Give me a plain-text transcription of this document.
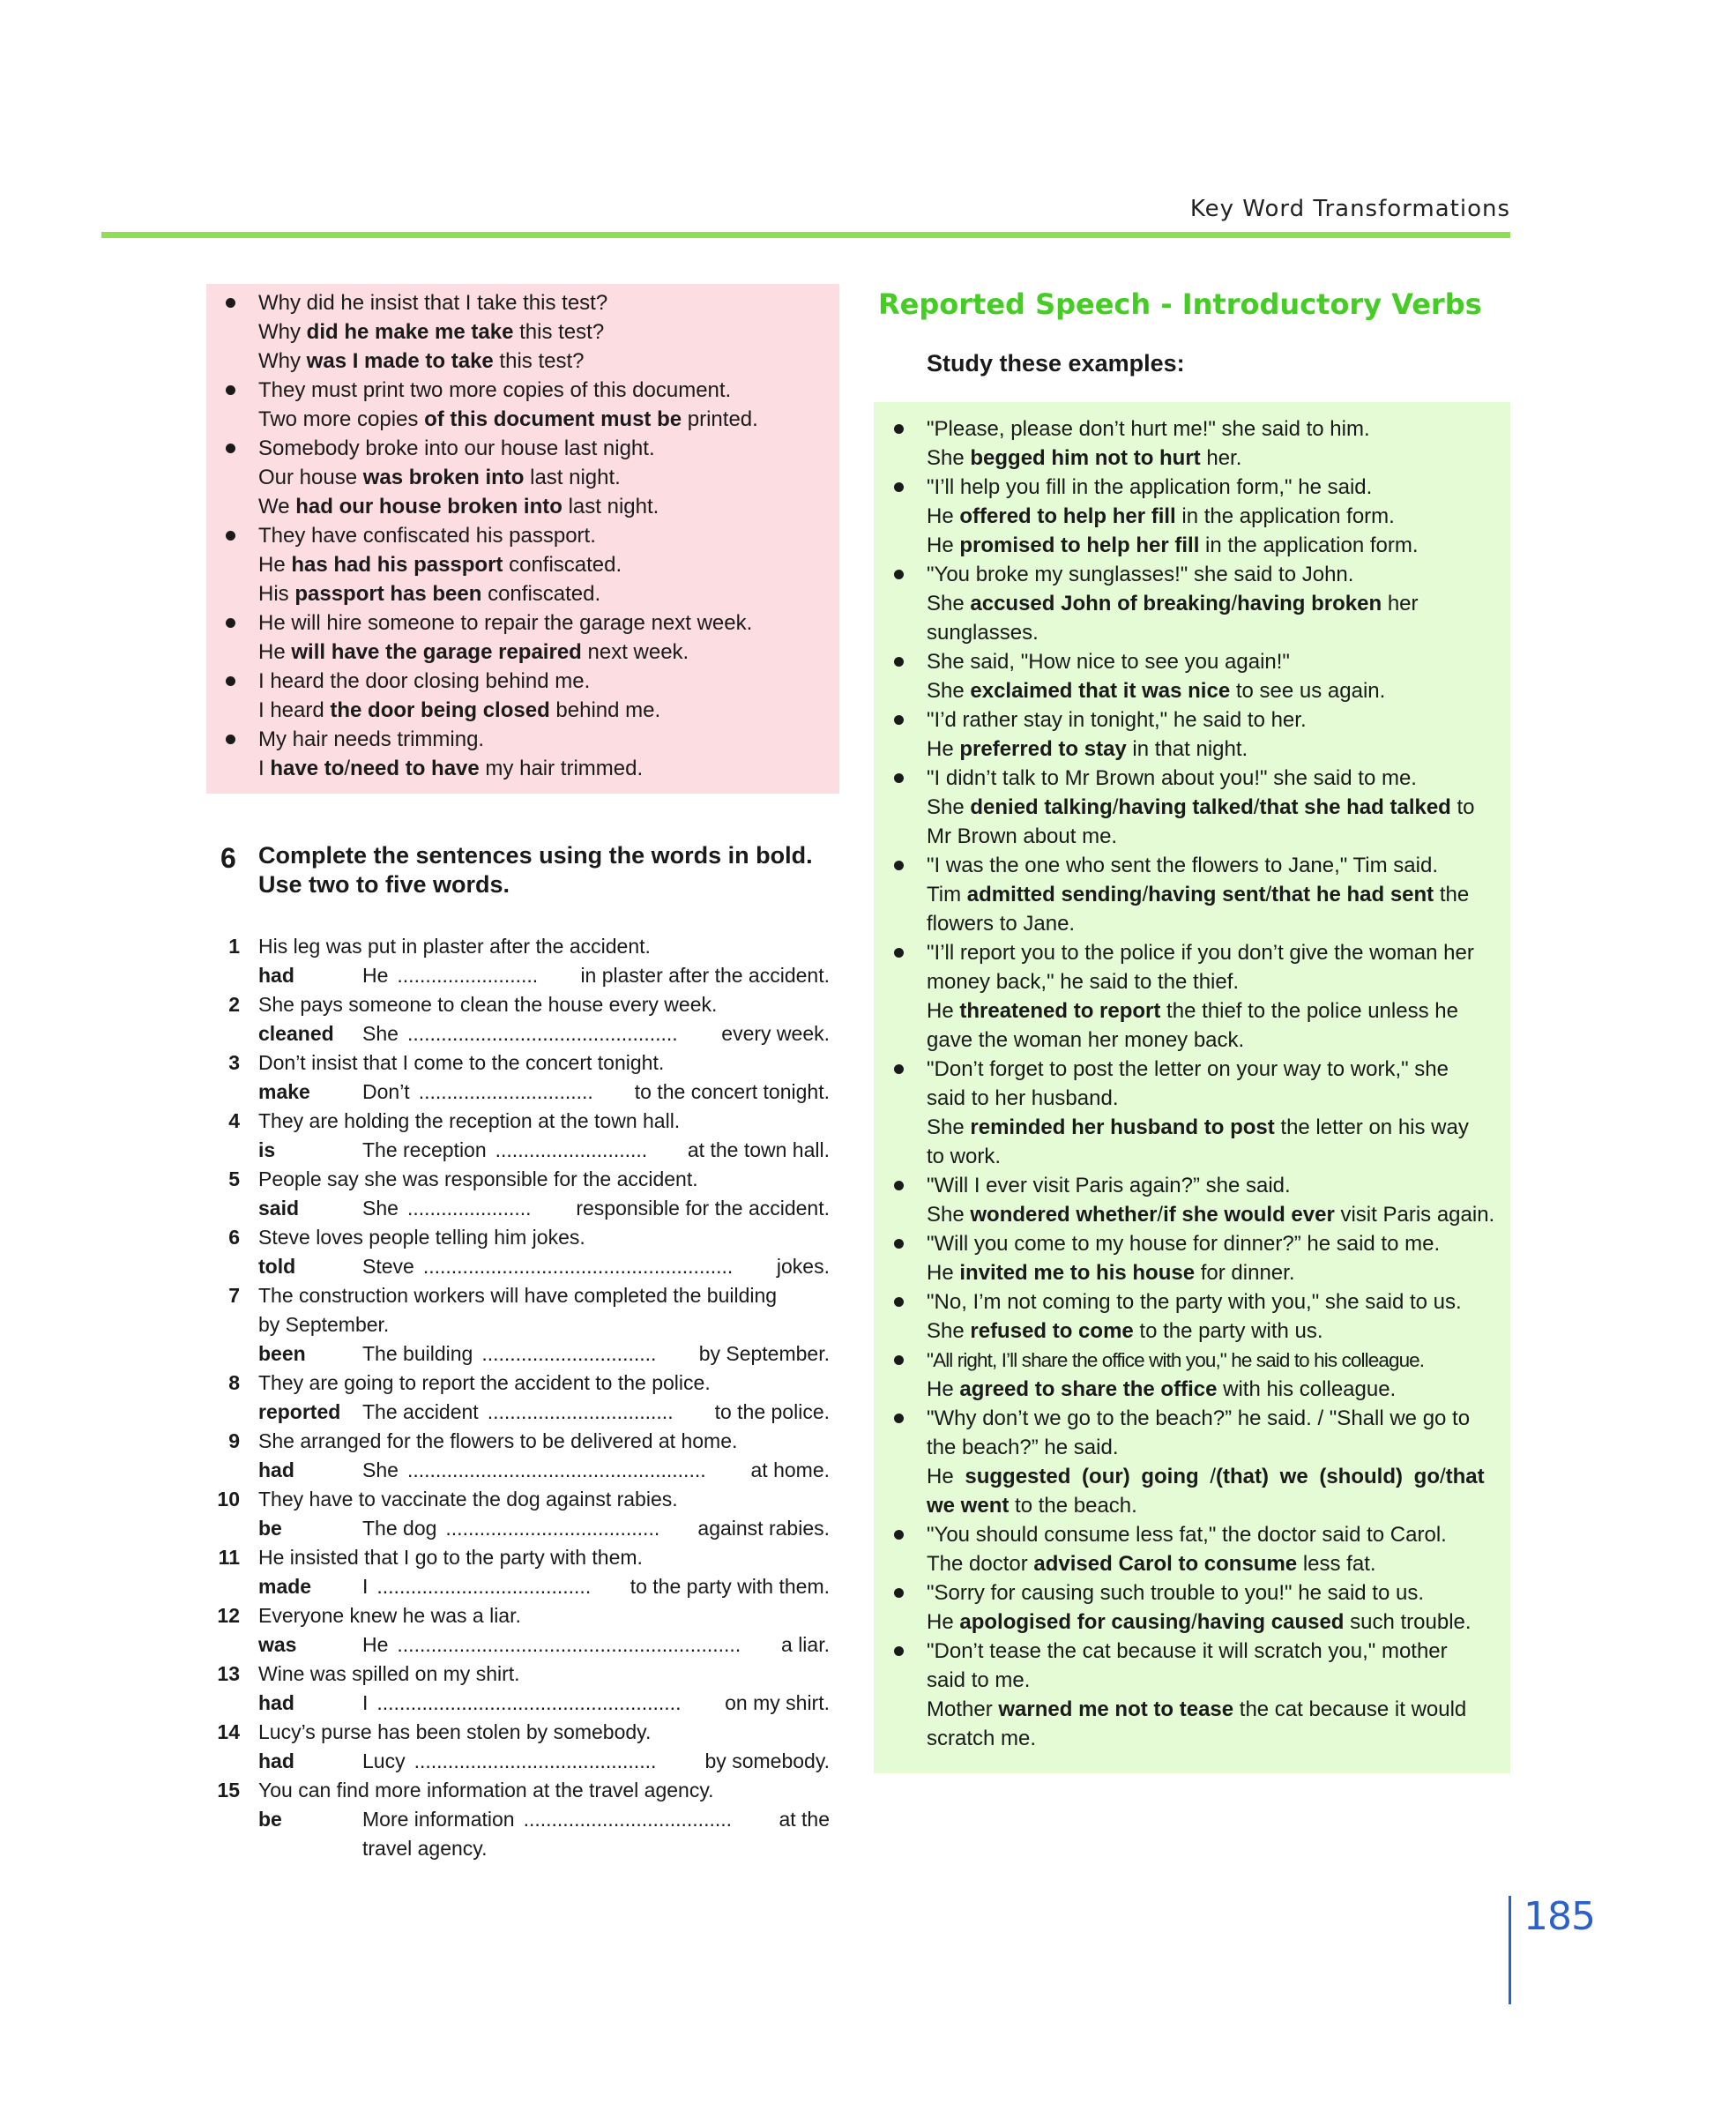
Key Word Transformations
Why did he insist that I take this test?
Why did he make me take this test?
Why was I made to take this test?
They must print two more copies of this document.
Two more copies of this document must be printed.
Somebody broke into our house last night.
Our house was broken into last night.
We had our house broken into last night.
They have confiscated his passport.
He has had his passport confiscated.
His passport has been confiscated.
He will hire someone to repair the garage next week.
He will have the garage repaired next week.
I heard the door closing behind me.
I heard the door being closed behind me.
My hair needs trimming.
I have to/need to have my hair trimmed.
6 Complete the sentences using the words in bold.
Use two to five words.
1 His leg was put in plaster after the accident.
had	He ......................... in plaster after the accident.
2 She pays someone to clean the house every week.
cleaned She ................................................ every week.
3 Don’t insist that I come to the concert tonight.
make	Don’t ............................... to the concert tonight.
4 They are holding the reception at the town hall.
is	The reception ........................... at the town hall.
5 People say she was responsible for the accident.
said	She ...................... responsible for the accident.
6 Steve loves people telling him jokes.
told	Steve ....................................................... jokes.
7 The construction workers will have completed the building
by September.
been	The building ............................... by September.
8 They are going to report the accident to the police.
reported The accident ................................. to the police.
9 She arranged for the flowers to be delivered at home.
had	She ..................................................... at home.
10 They have to vaccinate the dog against rabies.
be	The dog ...................................... against rabies.
11 He insisted that I go to the party with them.
made	I ...................................... to the party with them.
12 Everyone knew he was a liar.
was	He ............................................................. a liar.
13 Wine was spilled on my shirt.
had	I ...................................................... on my shirt.
14 Lucy’s purse has been stolen by somebody.
had	Lucy ........................................... by somebody.
15 You can find more information at the travel agency.
be	More information ..................................... at the
travel agency.
Reported Speech - Introductory Verbs
Study these examples:
"Please, please don’t hurt me!" she said to him.
She begged him not to hurt her.
"I’ll help you fill in the application form," he said.
He offered to help her fill in the application form.
He promised to help her fill in the application form.
"You broke my sunglasses!" she said to John.
She accused John of breaking/having broken her
sunglasses.
She said, "How nice to see you again!"
She exclaimed that it was nice to see us again.
"I’d rather stay in tonight," he said to her.
He preferred to stay in that night.
"I didn’t talk to Mr Brown about you!" she said to me.
She denied talking/having talked/that she had talked to
Mr Brown about me.
"I was the one who sent the flowers to Jane," Tim said.
Tim admitted sending/having sent/that he had sent the
flowers to Jane.
"I’ll report you to the police if you don’t give the woman her
money back," he said to the thief.
He threatened to report the thief to the police unless he
gave the woman her money back.
"Don’t forget to post the letter on your way to work," she
said to her husband.
She reminded her husband to post the letter on his way
to work.
"Will I ever visit Paris again?” she said.
She wondered whether/if she would ever visit Paris again.
"Will you come to my house for dinner?” he said to me.
He invited me to his house for dinner.
"No, I’m not coming to the party with you," she said to us.
She refused to come to the party with us.
"All right, I’ll share the office with you," he said to his colleague.
He agreed to share the office with his colleague.
"Why don’t we go to the beach?” he said. / "Shall we go to
the beach?” he said.
He suggested (our) going /(that) we (should) go/that
we went to the beach.
"You should consume less fat," the doctor said to Carol.
The doctor advised Carol to consume less fat.
"Sorry for causing such trouble to you!" he said to us.
He apologised for causing/having caused such trouble.
"Don’t tease the cat because it will scratch you," mother
said to me.
Mother warned me not to tease the cat because it would
scratch me.
185
